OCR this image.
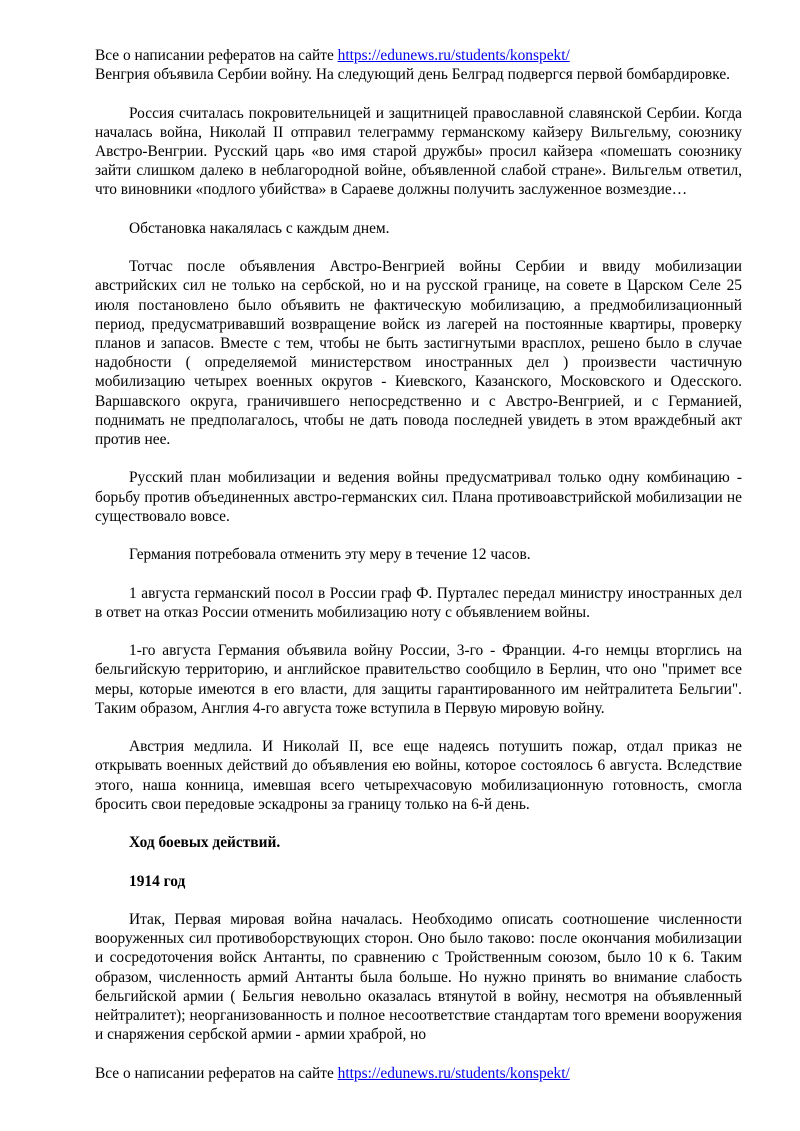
Все о написании рефератов на сайте https://edunews.ru/students/konspekt/

Венгрия объявила Сербии войну. На следующий день Белград подвергся первой бомбардировке.

Россия считалась покровительницей и защитницей православной славянской Сербии. Когда началась война, Николай II отправил телеграмму германскому кайзеру Вильгельму, союзнику Австро-Венгрии. Русский царь «во имя старой дружбы» просил кайзера «помешать союзнику зайти слишком далеко в неблагородной войне, объявленной слабой стране». Вильгельм ответил, что виновники «подлого убийства» в Сараеве должны получить заслуженное возмездие…

Обстановка накалялась с каждым днем.

Тотчас после объявления Австро-Венгрией войны Сербии и ввиду мобилизации австрийских сил не только на сербской, но и на русской границе, на совете в Царском Селе 25 июля постановлено было объявить не фактическую мобилизацию, а предмобилизационный период, предусматривавший возвращение войск из лагерей на постоянные квартиры, проверку планов и запасов. Вместе с тем, чтобы не быть застигнутыми врасплох, решено было в случае надобности ( определяемой министерством иностранных дел ) произвести частичную мобилизацию четырех военных округов - Киевского, Казанского, Московского и Одесского. Варшавского округа, граничившего непосредственно и с Австро-Венгрией, и с Германией, поднимать не предполагалось, чтобы не дать повода последней увидеть в этом враждебный акт против нее.

Русский план мобилизации и ведения войны предусматривал только одну комбинацию - борьбу против объединенных австро-германских сил. Плана противоавстрийской мобилизации не существовало вовсе.

Германия потребовала отменить эту меру в течение 12 часов.

1 августа германский посол в России граф Ф. Пурталес передал министру иностранных дел в ответ на отказ России отменить мобилизацию ноту с объявлением войны.

1-го августа Германия объявила войну России, 3-го - Франции. 4-го немцы вторглись на бельгийскую территорию, и английское правительство сообщило в Берлин, что оно "примет все меры, которые имеются в его власти, для защиты гарантированного им нейтралитета Бельгии". Таким образом, Англия 4-го августа тоже вступила в Первую мировую войну.

Австрия медлила. И Николай II, все еще надеясь потушить пожар, отдал приказ не открывать военных действий до объявления ею войны, которое состоялось 6 августа. Вследствие этого, наша конница, имевшая всего четырехчасовую мобилизационную готовность, смогла бросить свои передовые эскадроны за границу только на 6-й день.

Ход боевых действий.

1914 год

Итак, Первая мировая война началась. Необходимо описать соотношение численности вооруженных сил противоборствующих сторон. Оно было таково: после окончания мобилизации и сосредоточения войск Антанты, по сравнению с Тройственным союзом, было 10 к 6. Таким образом, численность армий Антанты была больше. Но нужно принять во внимание слабость бельгийской армии ( Бельгия невольно оказалась втянутой в войну, несмотря на объявленный нейтралитет); неорганизованность и полное несоответствие стандартам того времени вооружения и снаряжения сербской армии - армии храброй, но

Все о написании рефератов на сайте https://edunews.ru/students/konspekt/
